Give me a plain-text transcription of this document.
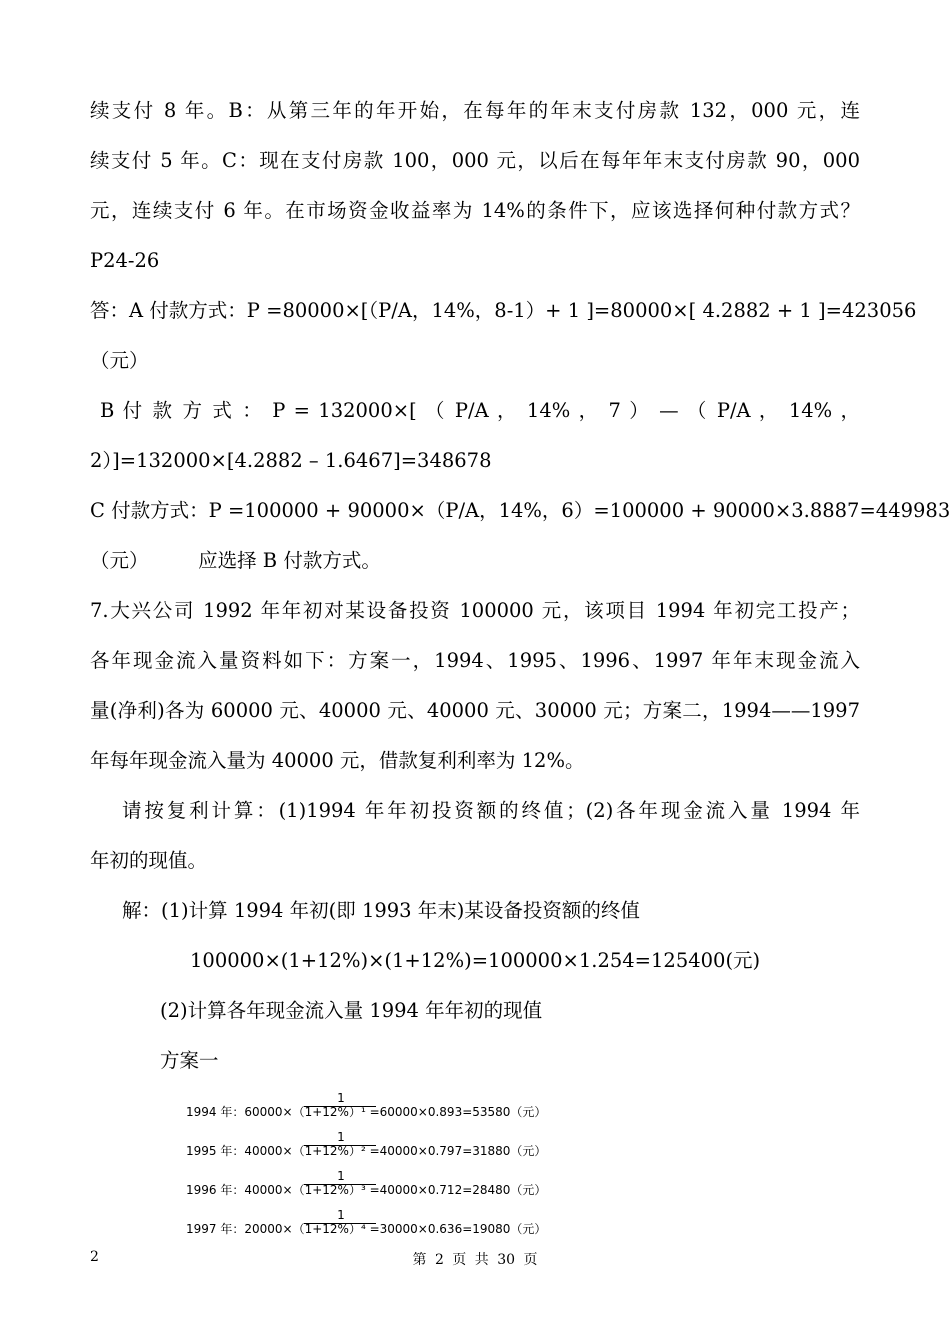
续支付 8 年。B：从第三年的年开始，在每年的年末支付房款 132，000 元，连
续支付 5 年。C：现在支付房款 100，000 元，以后在每年年末支付房款 90，000
元，连续支付 6 年。在市场资金收益率为 14%的条件下，应该选择何种付款方式？
P24-26
答：A 付款方式：P =80000×[（P/A，14%，8-1）+ 1 ]=80000×[ 4.2882 + 1 ]=423056
（元）
B 付 款 方 式 ： P = 132000×[ （ P/A ， 14% ， 7 ） — （ P/A ， 14% ，
2）]=132000×[4.2882 – 1.6467]=348678
C 付款方式：P =100000 + 90000×（P/A，14%，6）=100000 + 90000×3.8887=449983
（元）        应选择 B 付款方式。
7.大兴公司 1992 年年初对某设备投资 100000 元，该项目 1994 年初完工投产；
各年现金流入量资料如下：方案一，1994、1995、1996、1997 年年末现金流入
量(净利)各为 60000 元、40000 元、40000 元、30000 元；方案二，1994——1997
年每年现金流入量为 40000 元，借款复利利率为 12%。
请按复利计算：(1)1994 年年初投资额的终值；(2)各年现金流入量 1994 年
年初的现值。
解：(1)计算 1994 年初(即 1993 年末)某设备投资额的终值
100000×(1+12%)×(1+12%)=100000×1.254=125400(元)
(2)计算各年现金流入量 1994 年年初的现值
方案一
1
1994 年：60000×（1+12%）¹ =60000×0.893=53580（元）
1
1995 年：40000×（1+12%）² =40000×0.797=31880（元）
1
1996 年：40000×（1+12%）³ =40000×0.712=28480（元）
1
1997 年：20000×（1+12%）⁴ =30000×0.636=19080（元）
2	第 2 页 共 30 页
